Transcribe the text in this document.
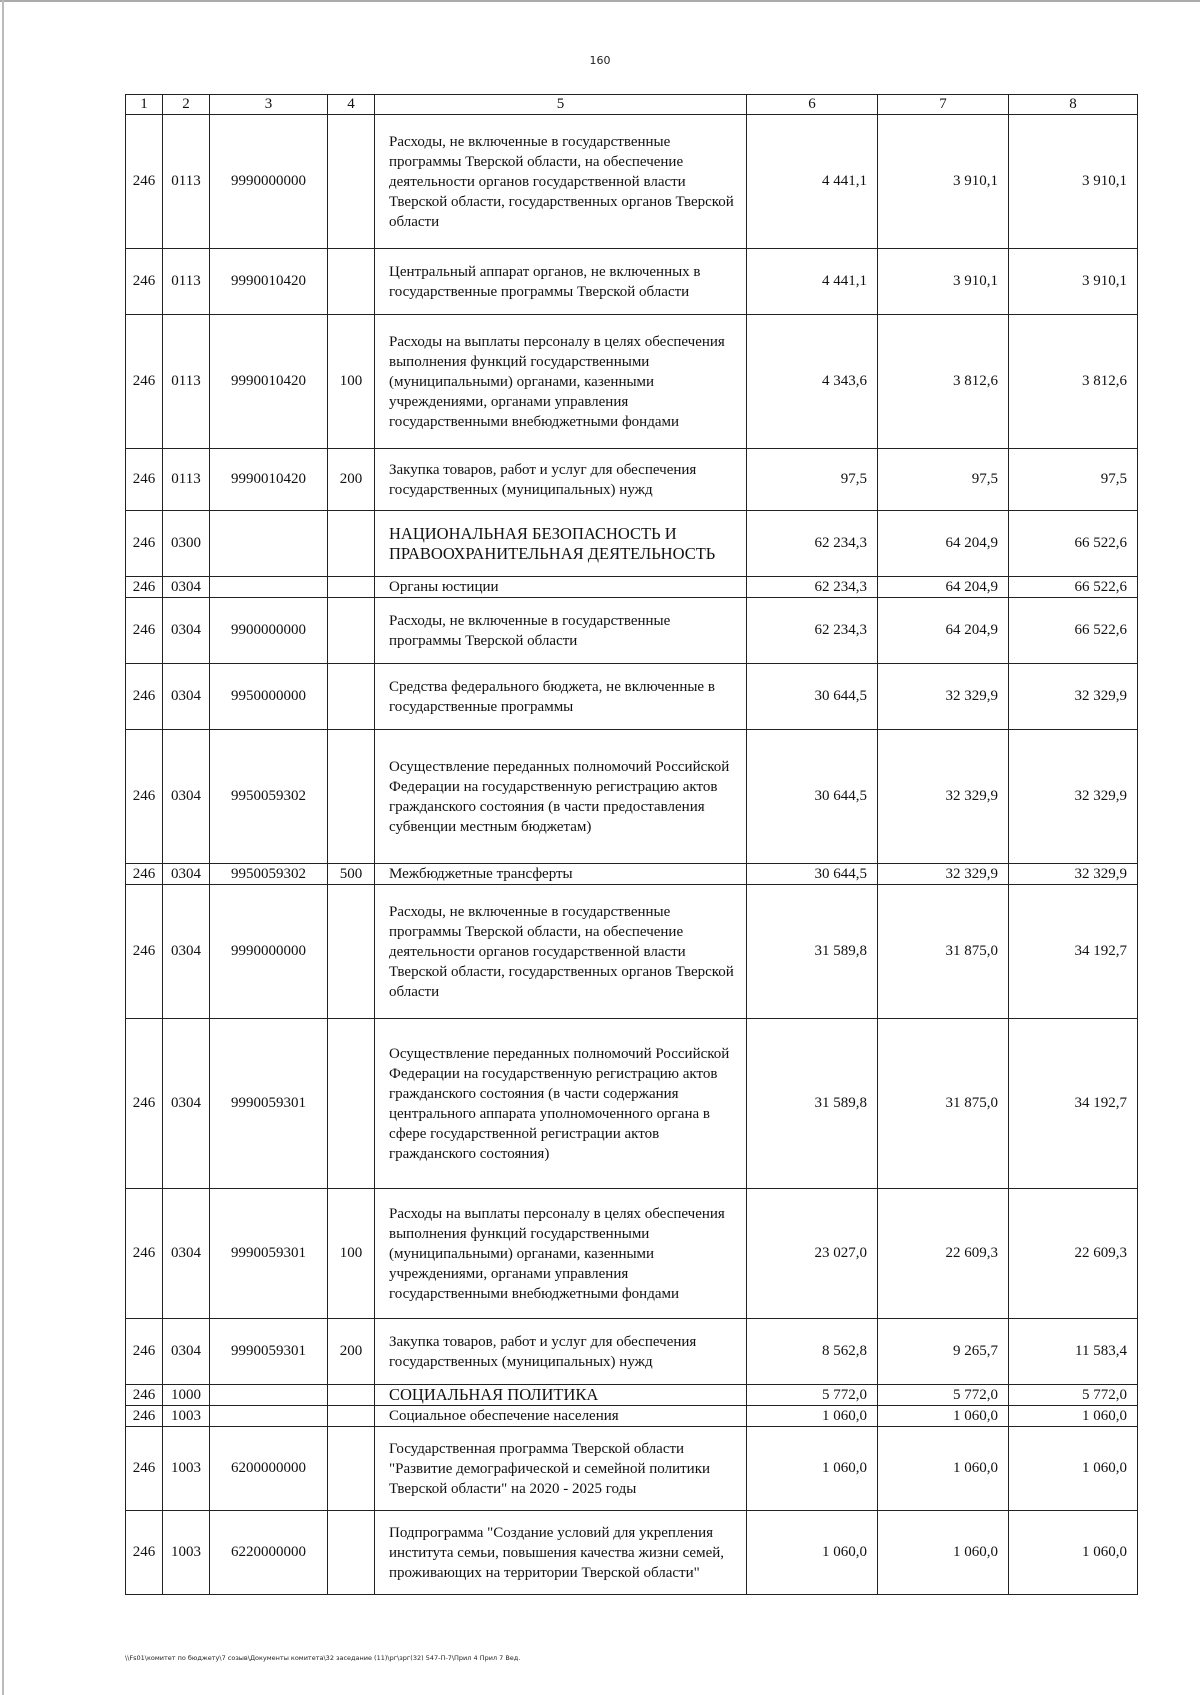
160
1	2	3	4	5	6	7	8
246	0113	9990000000		Расходы, не включенные в государственные программы Тверской области, на обеспечение деятельности органов государственной власти Тверской области, государственных органов Тверской области	4 441,1	3 910,1	3 910,1
246	0113	9990010420		Центральный аппарат органов, не включенных в государственные программы Тверской области	4 441,1	3 910,1	3 910,1
246	0113	9990010420	100	Расходы на выплаты персоналу в целях обеспечения выполнения функций государственными (муниципальными) органами, казенными учреждениями, органами управления государственными внебюджетными фондами	4 343,6	3 812,6	3 812,6
246	0113	9990010420	200	Закупка товаров, работ и услуг для обеспечения государственных (муниципальных) нужд	97,5	97,5	97,5
246	0300			НАЦИОНАЛЬНАЯ БЕЗОПАСНОСТЬ И ПРАВООХРАНИТЕЛЬНАЯ ДЕЯТЕЛЬНОСТЬ	62 234,3	64 204,9	66 522,6
246	0304			Органы юстиции	62 234,3	64 204,9	66 522,6
246	0304	9900000000		Расходы, не включенные в государственные программы Тверской области	62 234,3	64 204,9	66 522,6
246	0304	9950000000		Средства федерального бюджета, не включенные в государственные программы	30 644,5	32 329,9	32 329,9
246	0304	9950059302		Осуществление переданных полномочий Российской Федерации на государственную регистрацию актов гражданского состояния (в части предоставления субвенции местным бюджетам)	30 644,5	32 329,9	32 329,9
246	0304	9950059302	500	Межбюджетные трансферты	30 644,5	32 329,9	32 329,9
246	0304	9990000000		Расходы, не включенные в государственные программы Тверской области, на обеспечение деятельности органов государственной власти Тверской области, государственных органов Тверской области	31 589,8	31 875,0	34 192,7
246	0304	9990059301		Осуществление переданных полномочий Российской Федерации на государственную регистрацию актов гражданского состояния (в части содержания центрального аппарата уполномоченного органа в сфере государственной регистрации актов гражданского состояния)	31 589,8	31 875,0	34 192,7
246	0304	9990059301	100	Расходы на выплаты персоналу в целях обеспечения выполнения функций государственными (муниципальными) органами, казенными учреждениями, органами управления государственными внебюджетными фондами	23 027,0	22 609,3	22 609,3
246	0304	9990059301	200	Закупка товаров, работ и услуг для обеспечения государственных (муниципальных) нужд	8 562,8	9 265,7	11 583,4
246	1000			СОЦИАЛЬНАЯ ПОЛИТИКА	5 772,0	5 772,0	5 772,0
246	1003			Социальное обеспечение населения	1 060,0	1 060,0	1 060,0
246	1003	6200000000		Государственная программа Тверской области "Развитие демографической и семейной политики Тверской области" на 2020 - 2025 годы	1 060,0	1 060,0	1 060,0
246	1003	6220000000		Подпрограмма "Создание условий для укрепления института семьи, повышения качества жизни семей, проживающих на территории Тверской области"	1 060,0	1 060,0	1 060,0
\\Fs01\комитет по бюджету\7 созыв\Документы комитета\32 заседание (11)\рг\зрг(32) 547-П-7\Прил 4 Прил 7 Вед.
